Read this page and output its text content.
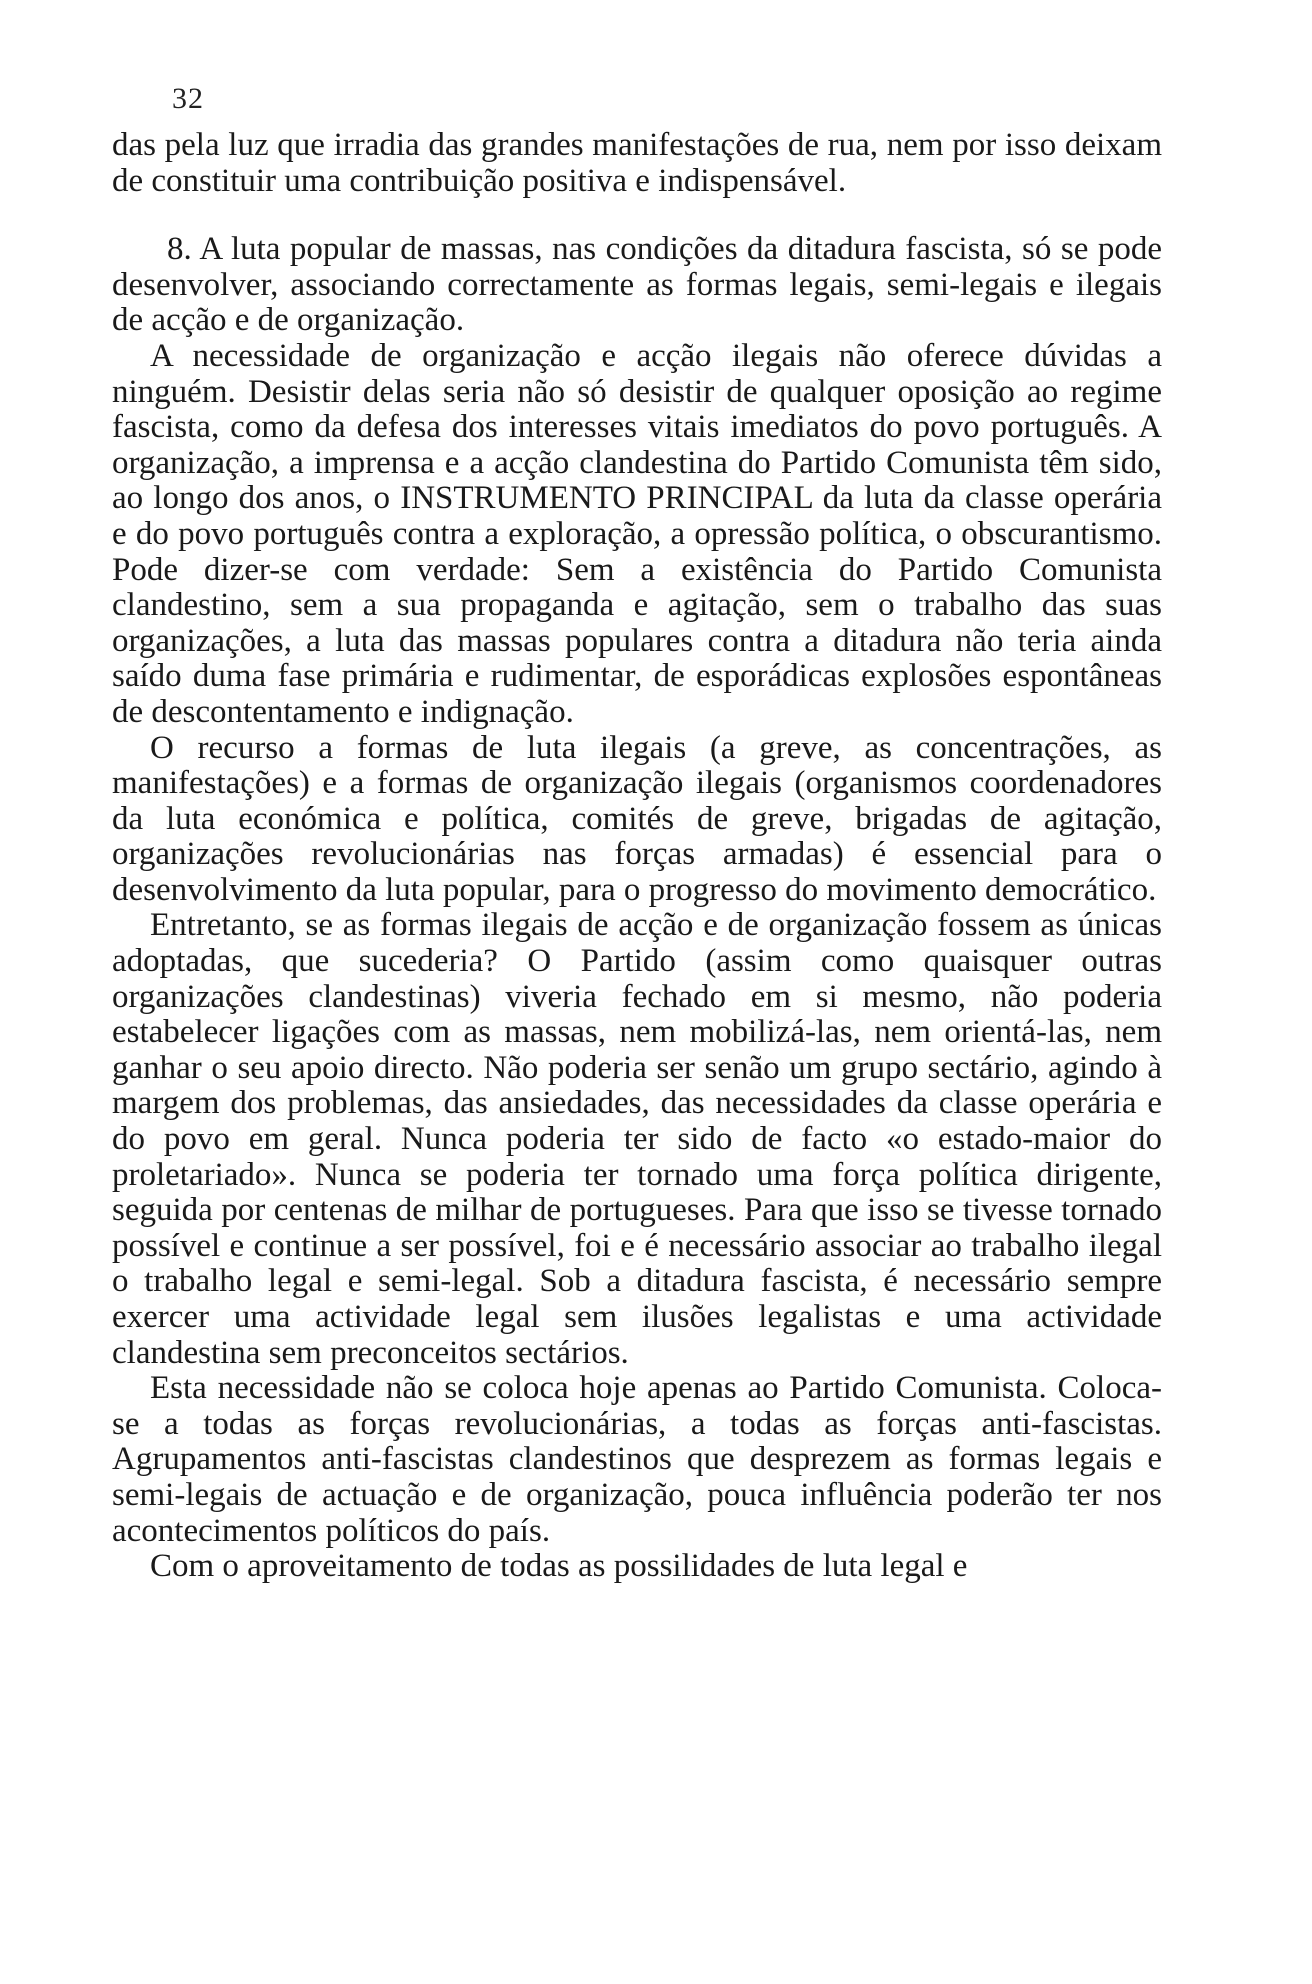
32

das pela luz que irradia das grandes manifestações de rua, nem por isso deixam de constituir uma contribuição positiva e indispensável.

8. A luta popular de massas, nas condições da ditadura fascista, só se pode desenvolver, associando correctamente as formas legais, semi-legais e ilegais de acção e de organização.

A necessidade de organização e acção ilegais não oferece dúvidas a ninguém. Desistir delas seria não só desistir de qualquer oposição ao regime fascista, como da defesa dos interesses vitais imediatos do povo português. A organização, a imprensa e a acção clandestina do Partido Comunista têm sido, ao longo dos anos, o INSTRUMENTO PRINCIPAL da luta da classe operária e do povo português contra a exploração, a opressão política, o obscurantismo. Pode dizer-se com verdade: Sem a existência do Partido Comunista clandestino, sem a sua propaganda e agitação, sem o trabalho das suas organizações, a luta das massas populares contra a ditadura não teria ainda saído duma fase primária e rudimentar, de esporádicas explosões espontâneas de descontentamento e indignação.

O recurso a formas de luta ilegais (a greve, as concentrações, as manifestações) e a formas de organização ilegais (organismos coordenadores da luta económica e política, comités de greve, brigadas de agitação, organizações revolucionárias nas forças armadas) é essencial para o desenvolvimento da luta popular, para o progresso do movimento democrático.

Entretanto, se as formas ilegais de acção e de organização fossem as únicas adoptadas, que sucederia? O Partido (assim como quaisquer outras organizações clandestinas) viveria fechado em si mesmo, não poderia estabelecer ligações com as massas, nem mobilizá-las, nem orientá-las, nem ganhar o seu apoio directo. Não poderia ser senão um grupo sectário, agindo à margem dos problemas, das ansiedades, das necessidades da classe operária e do povo em geral. Nunca poderia ter sido de facto «o estado-maior do proletariado». Nunca se poderia ter tornado uma força política dirigente, seguida por centenas de milhar de portugueses. Para que isso se tivesse tornado possível e continue a ser possível, foi e é necessário associar ao trabalho ilegal o trabalho legal e semi-legal. Sob a ditadura fascista, é necessário sempre exercer uma actividade legal sem ilusões legalistas e uma actividade clandestina sem preconceitos sectários.

Esta necessidade não se coloca hoje apenas ao Partido Comunista. Coloca-se a todas as forças revolucionárias, a todas as forças anti-fascistas. Agrupamentos anti-fascistas clandestinos que desprezem as formas legais e semi-legais de actuação e de organização, pouca influência poderão ter nos acontecimentos políticos do país.

Com o aproveitamento de todas as possilidades de luta legal e
